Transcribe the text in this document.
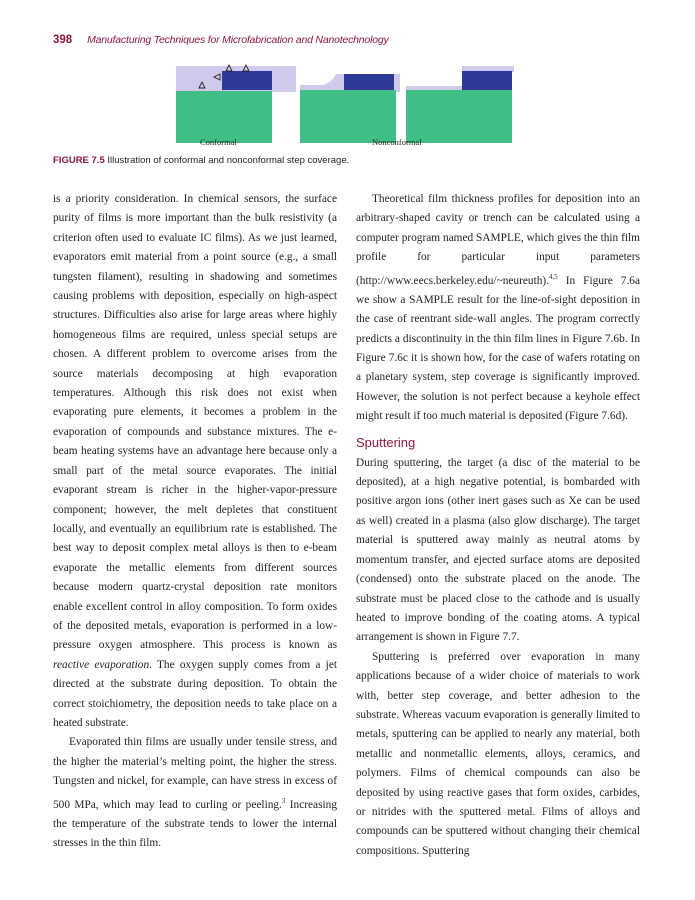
398 Manufacturing Techniques for Microfabrication and Nanotechnology
Conformal	Nonconformal
FIGURE 7.5 Illustration of conformal and nonconformal step coverage.

is a priority consideration. In chemical sensors, the surface purity of films is more important than the bulk resistivity (a criterion often used to evaluate IC films). As we just learned, evaporators emit material from a point source (e.g., a small tungsten filament), resulting in shadowing and sometimes causing problems with deposition, especially on high-aspect structures. Difficulties also arise for large areas where highly homogeneous films are required, unless special setups are chosen. A different problem to overcome arises from the source materials decomposing at high evaporation temperatures. Although this risk does not exist when evaporating pure elements, it becomes a problem in the evaporation of compounds and substance mixtures. The e-beam heating systems have an advantage here because only a small part of the metal source evaporates. The initial evaporant stream is richer in the higher-vapor-pressure component; however, the melt depletes that constituent locally, and eventually an equilibrium rate is established. The best way to deposit complex metal alloys is then to e-beam evaporate the metallic elements from different sources because modern quartz-crystal deposition rate monitors enable excellent control in alloy composition. To form oxides of the deposited metals, evaporation is performed in a low-pressure oxygen atmosphere. This process is known as reactive evaporation. The oxygen supply comes from a jet directed at the substrate during deposition. To obtain the correct stoichiometry, the deposition needs to take place on a heated substrate.

Evaporated thin films are usually under tensile stress, and the higher the material’s melting point, the higher the stress. Tungsten and nickel, for example, can have stress in excess of 500 MPa, which may lead to curling or peeling.$^3$ Increasing the temperature of the substrate tends to lower the internal stresses in the thin film.

Theoretical film thickness profiles for deposition into an arbitrary-shaped cavity or trench can be calculated using a computer program named SAMPLE, which gives the thin film profile for particular input parameters (http://www.eecs.berkeley.edu/~neureuth).$^{4,5}$ In Figure 7.6a we show a SAMPLE result for the line-of-sight deposition in the case of reentrant side-wall angles. The program correctly predicts a discontinuity in the thin film lines in Figure 7.6b. In Figure 7.6c it is shown how, for the case of wafers rotating on a planetary system, step coverage is significantly improved. However, the solution is not perfect because a keyhole effect might result if too much material is deposited (Figure 7.6d).

Sputtering

During sputtering, the target (a disc of the material to be deposited), at a high negative potential, is bombarded with positive argon ions (other inert gases such as Xe can be used as well) created in a plasma (also glow discharge). The target material is sputtered away mainly as neutral atoms by momentum transfer, and ejected surface atoms are deposited (condensed) onto the substrate placed on the anode. The substrate must be placed close to the cathode and is usually heated to improve bonding of the coating atoms. A typical arrangement is shown in Figure 7.7.

Sputtering is preferred over evaporation in many applications because of a wider choice of materials to work with, better step coverage, and better adhesion to the substrate. Whereas vacuum evaporation is generally limited to metals, sputtering can be applied to nearly any material, both metallic and nonmetallic elements, alloys, ceramics, and polymers. Films of chemical compounds can also be deposited by using reactive gases that form oxides, carbides, or nitrides with the sputtered metal. Films of alloys and compounds can be sputtered without changing their chemical compositions. Sputtering
